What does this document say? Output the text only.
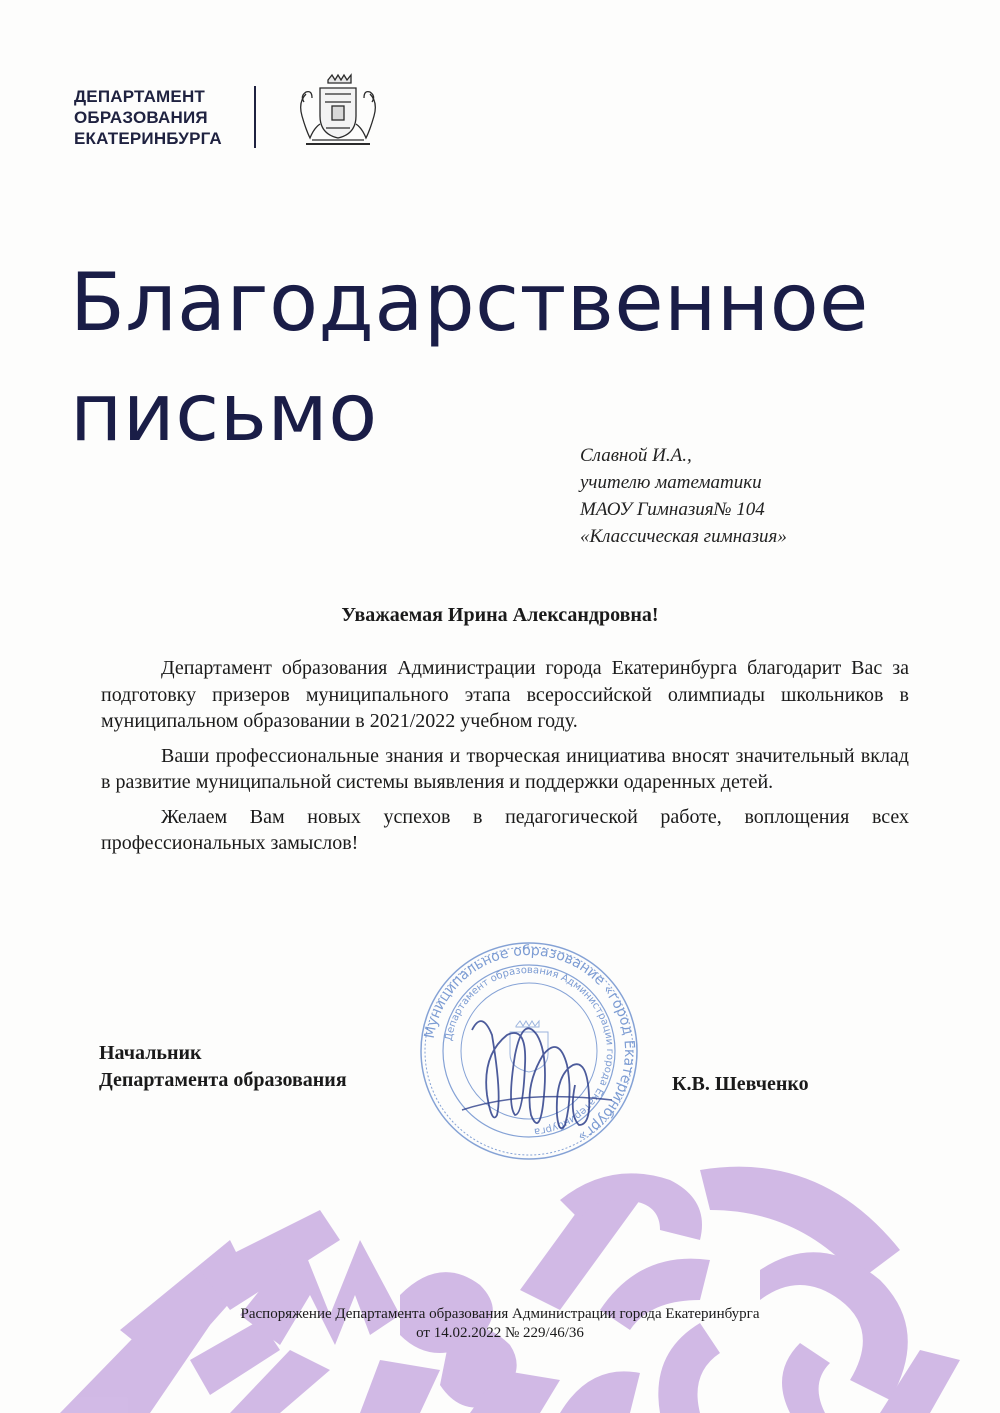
ДЕПАРТАМЕНТ
ОБРАЗОВАНИЯ
ЕКАТЕРИНБУРГА
Благодарственное
письмо	Славной И.А.,
учителю математики
МАОУ Гимназия№ 104
«Классическая гимназия»
Уважаемая Ирина Александровна!

Департамент образования Администрации города Екатеринбурга благодарит Вас за подготовку призеров муниципального этапа всероссийской олимпиады школьников в муниципальном образовании в 2021/2022 учебном году.

Ваши профессиональные знания и творческая инициатива вносят значительный вклад в развитие муниципальной системы выявления и поддержки одаренных детей.

Желаем Вам новых успехов в педагогической работе, воплощения всех профессиональных замыслов!

Муниципальное образование «город Екатеринбург»
Департамент образования Администрации города Екатеринбурга
Начальник
Департамента образования	К.В. Шевченко
Распоряжение Департамента образования Администрации города Екатеринбурга
от 14.02.2022 № 229/46/36
